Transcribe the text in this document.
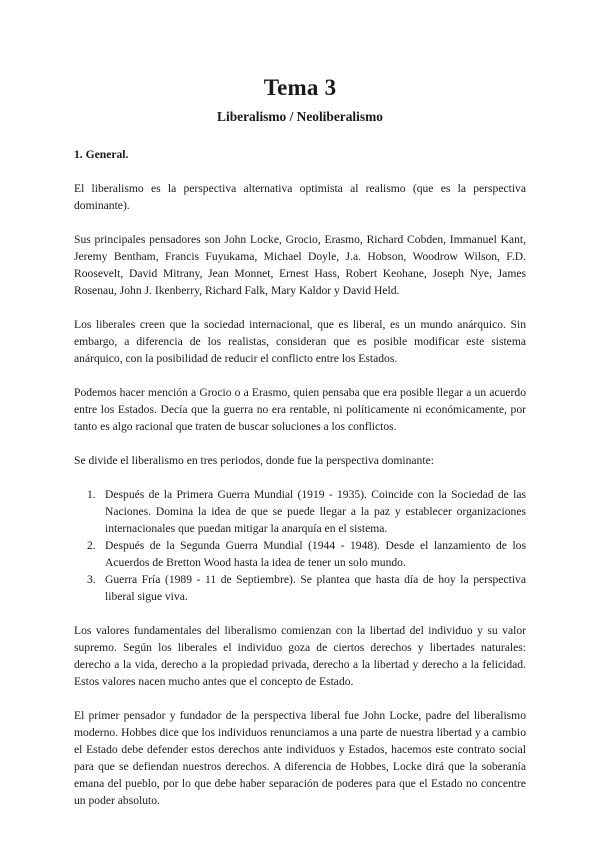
Tema 3
Liberalismo / Neoliberalismo
1. General.

El liberalismo es la perspectiva alternativa optimista al realismo (que es la perspectiva dominante).

Sus principales pensadores son John Locke, Grocio, Erasmo, Richard Cobden, Immanuel Kant, Jeremy Bentham, Francis Fuyukama, Michael Doyle, J.a. Hobson, Woodrow Wilson, F.D. Roosevelt, David Mitrany, Jean Monnet, Ernest Hass, Robert Keohane, Joseph Nye, James Rosenau, John J. Ikenberry, Richard Falk, Mary Kaldor y David Held.

Los liberales creen que la sociedad internacional, que es liberal, es un mundo anárquico. Sin embargo, a diferencia de los realistas, consideran que es posible modificar este sistema anárquico, con la posibilidad de reducir el conflicto entre los Estados.

Podemos hacer mención a Grocio o a Erasmo, quien pensaba que era posible llegar a un acuerdo entre los Estados. Decía que la guerra no era rentable, ni políticamente ni económicamente, por tanto es algo racional que traten de buscar soluciones a los conflictos.

Se divide el liberalismo en tres periodos, donde fue la perspectiva dominante:

1. Después de la Primera Guerra Mundial (1919 - 1935). Coincide con la Sociedad de las Naciones. Domina la idea de que se puede llegar a la paz y establecer organizaciones internacionales que puedan mitigar la anarquía en el sistema.
2. Después de la Segunda Guerra Mundial (1944 - 1948). Desde el lanzamiento de los Acuerdos de Bretton Wood hasta la idea de tener un solo mundo.
3. Guerra Fría (1989 - 11 de Septiembre). Se plantea que hasta día de hoy la perspectiva liberal sigue viva.

Los valores fundamentales del liberalismo comienzan con la libertad del individuo y su valor supremo. Según los liberales el individuo goza de ciertos derechos y libertades naturales: derecho a la vida, derecho a la propiedad privada, derecho a la libertad y derecho a la felicidad. Estos valores nacen mucho antes que el concepto de Estado.

El primer pensador y fundador de la perspectiva liberal fue John Locke, padre del liberalismo moderno. Hobbes dice que los individuos renunciamos a una parte de nuestra libertad y a cambio el Estado debe defender estos derechos ante individuos y Estados, hacemos este contrato social para que se defiendan nuestros derechos. A diferencia de Hobbes, Locke dirá que la soberanía emana del pueblo, por lo que debe haber separación de poderes para que el Estado no concentre un poder absoluto.
